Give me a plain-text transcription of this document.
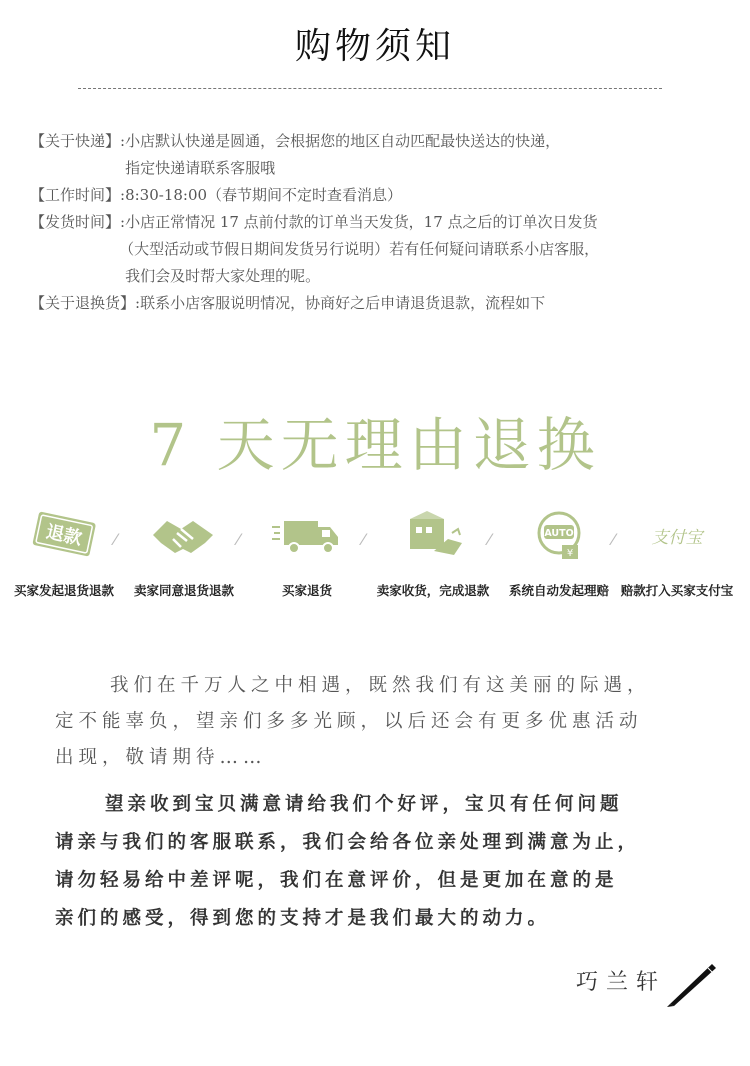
购物须知
【关于快递】: 小店默认快递是圆通，会根据您的地区自动匹配最快送达的快递，
指定快递请联系客服哦
【工作时间】: 8:30-18:00（春节期间不定时查看消息）
【发货时间】: 小店正常情况 17 点前付款的订单当天发货，17 点之后的订单次日发货
（大型活动或节假日期间发货另行说明）若有任何疑问请联系小店客服，
我们会及时帮大家处理的呢。
【关于退换货】: 联系小店客服说明情况，协商好之后申请退货退款，流程如下
7 天无理由退换
退款
买家发起退货退款	卖家同意退货退款	买家退货	卖家收货，完成退款
AUTO
¥
系统自动发起理赔
支付宝
赔款打入买家支付宝
⁄	⁄	⁄	⁄	⁄
我们在千万人之中相遇，既然我们有这美丽的际遇，
定不能辜负，望亲们多多光顾，以后还会有更多优惠活动
出现，敬请期待……
望亲收到宝贝满意请给我们个好评，宝贝有任何问题
请亲与我们的客服联系，我们会给各位亲处理到满意为止，
请勿轻易给中差评呢，我们在意评价，但是更加在意的是
亲们的感受，得到您的支持才是我们最大的动力。
巧兰轩
